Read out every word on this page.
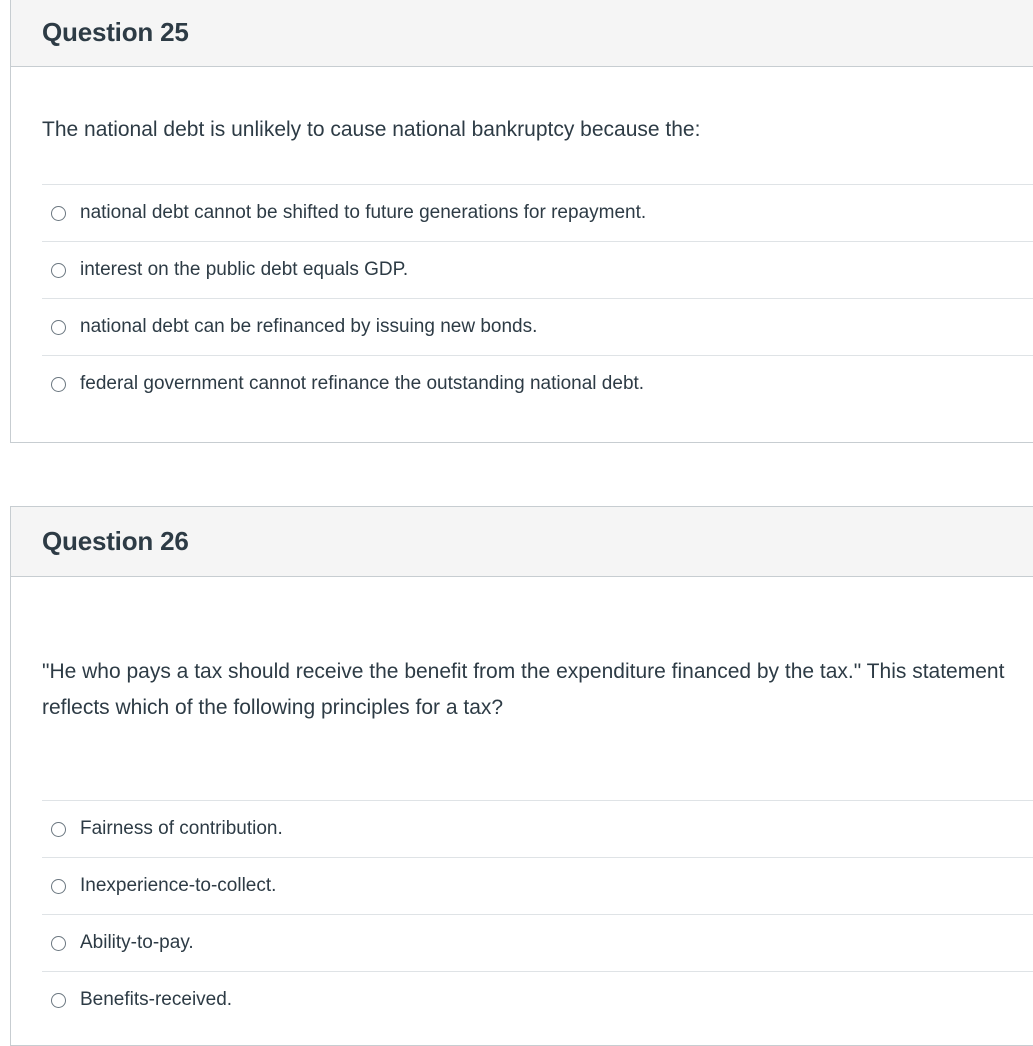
Question 25
The national debt is unlikely to cause national bankruptcy because the:
national debt cannot be shifted to future generations for repayment.
interest on the public debt equals GDP.
national debt can be refinanced by issuing new bonds.
federal government cannot refinance the outstanding national debt.
Question 26
"He who pays a tax should receive the benefit from the expenditure financed by the tax." This statement reflects which of the following principles for a tax?
Fairness of contribution.
Inexperience-to-collect.
Ability-to-pay.
Benefits-received.
